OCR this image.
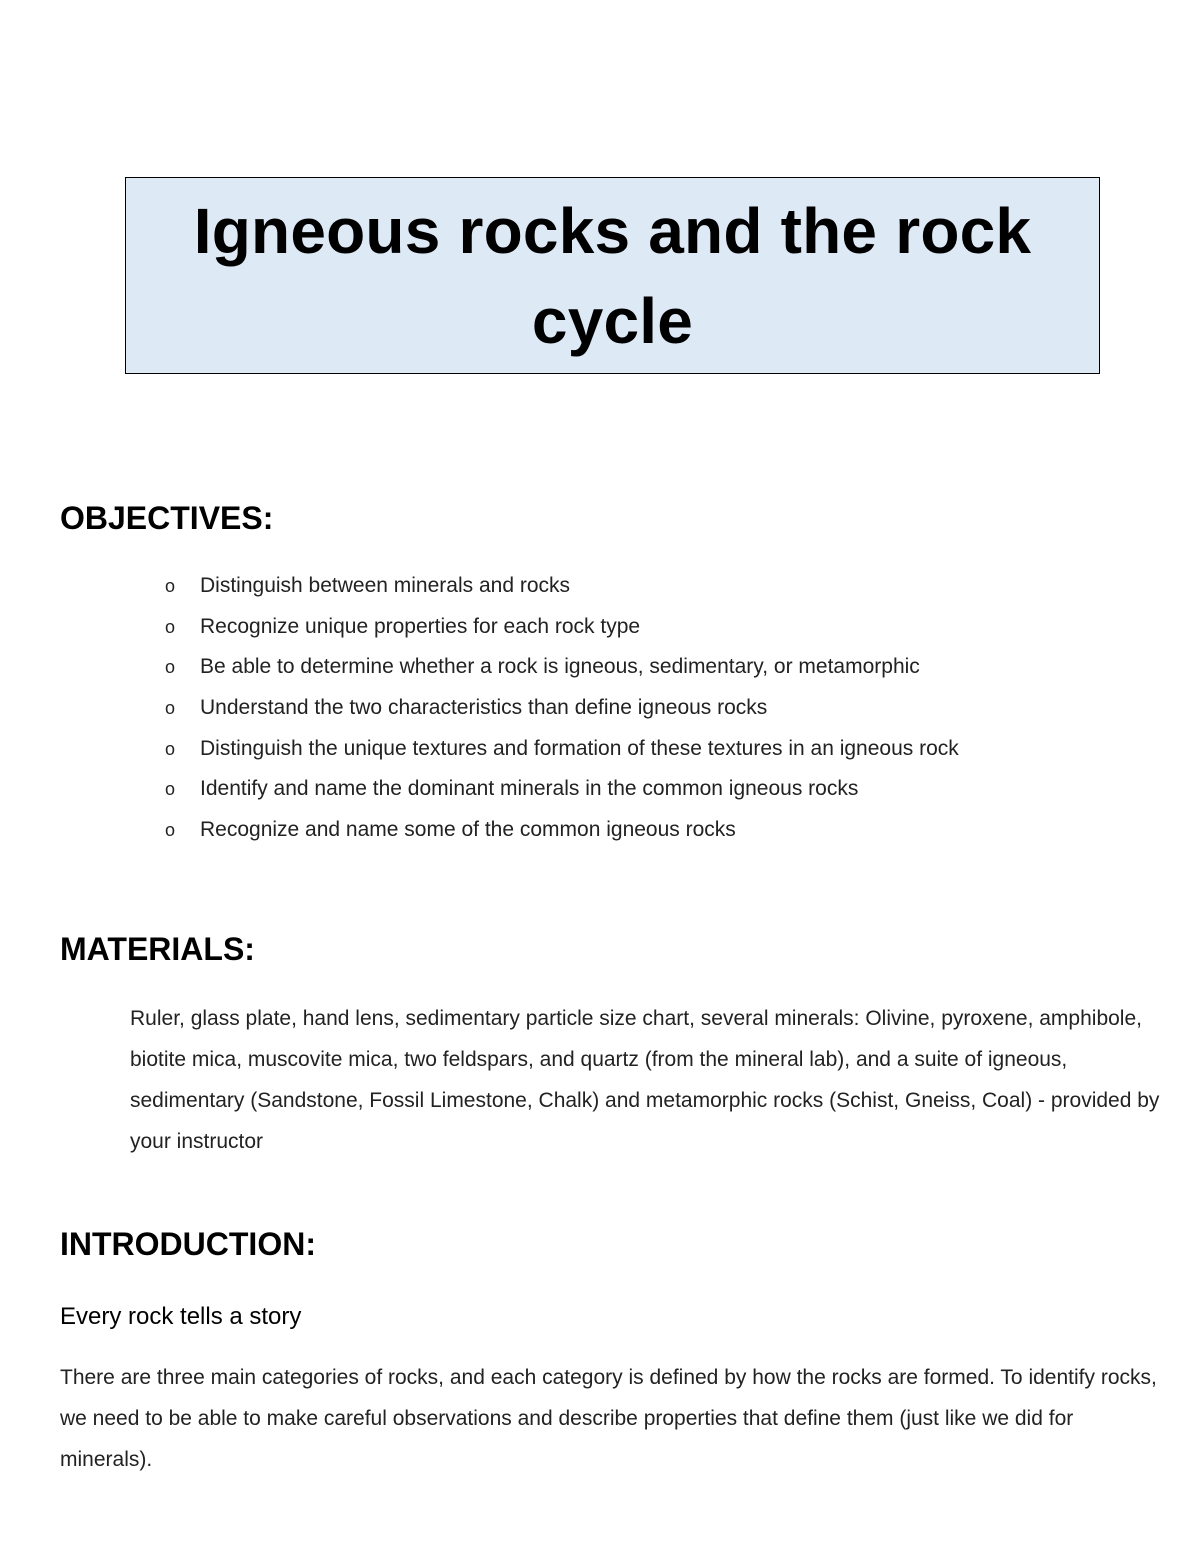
Igneous rocks and the rock cycle
OBJECTIVES:
o Distinguish between minerals and rocks
o Recognize unique properties for each rock type
o Be able to determine whether a rock is igneous, sedimentary, or metamorphic
o Understand the two characteristics than define igneous rocks
o Distinguish the unique textures and formation of these textures in an igneous rock
o Identify and name the dominant minerals in the common igneous rocks
o Recognize and name some of the common igneous rocks
MATERIALS:

Ruler, glass plate, hand lens, sedimentary particle size chart, several minerals: Olivine, pyroxene, amphibole, biotite mica, muscovite mica, two feldspars, and quartz (from the mineral lab), and a suite of igneous, sedimentary (Sandstone, Fossil Limestone, Chalk) and metamorphic rocks (Schist, Gneiss, Coal) - provided by your instructor

INTRODUCTION:
Every rock tells a story

There are three main categories of rocks, and each category is defined by how the rocks are formed. To identify rocks, we need to be able to make careful observations and describe properties that define them (just like we did for minerals).
